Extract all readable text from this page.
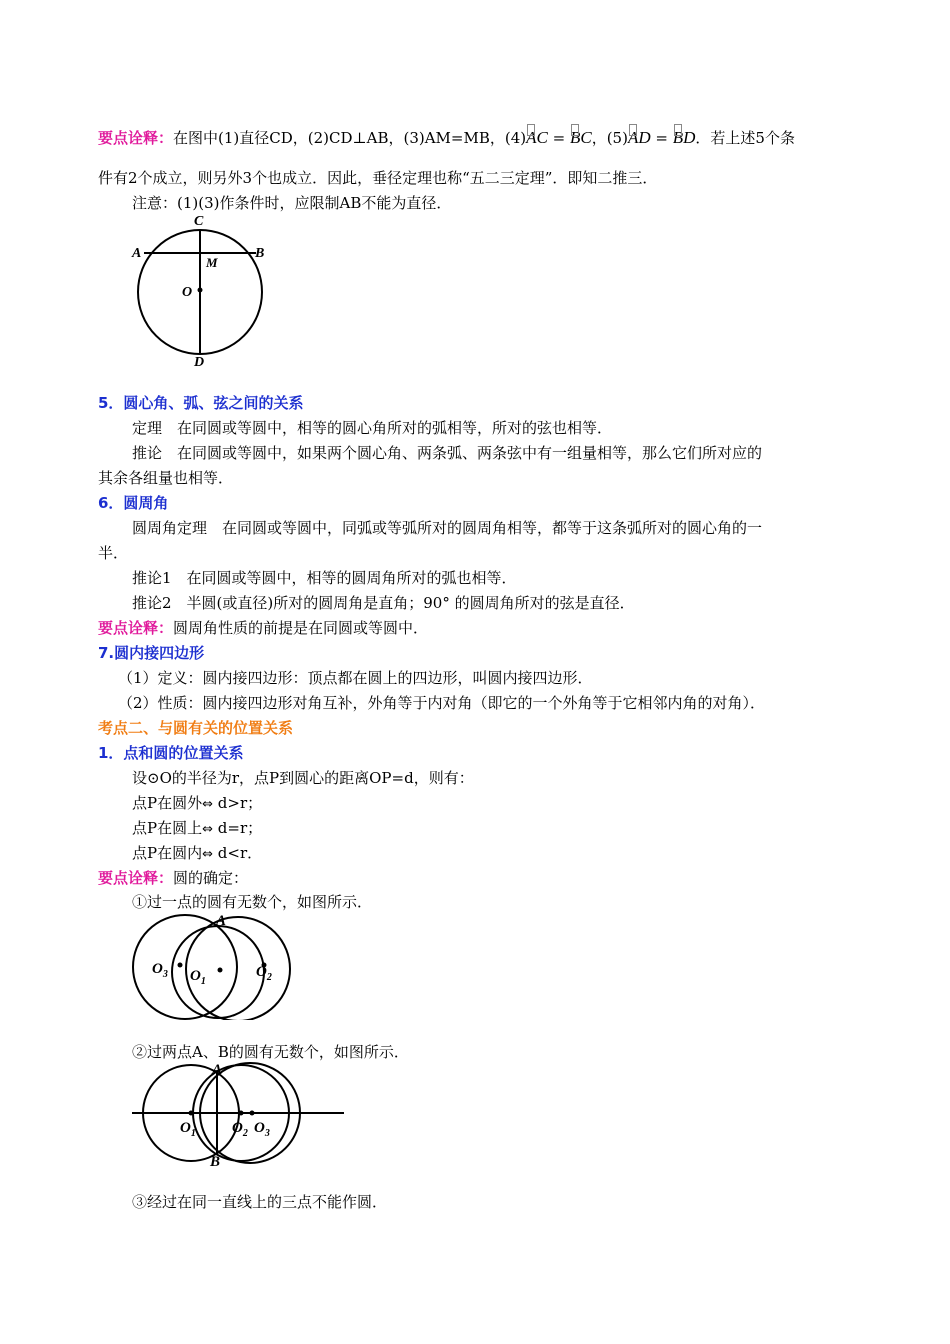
要点诠释：在图中(1)直径CD，(2)CD⊥AB，(3)AM=MB，(4)AC = BC，(5)AD = BD．若上述5个条
件有2个成立，则另外3个也成立．因此，垂径定理也称“五二三定理”．即知二推三．
注意：(1)(3)作条件时，应限制AB不能为直径．
C
A	B
M
O
D
5．圆心角、弧、弦之间的关系
定理　在同圆或等圆中，相等的圆心角所对的弧相等，所对的弦也相等．
推论　在同圆或等圆中，如果两个圆心角、两条弧、两条弦中有一组量相等，那么它们所对应的
其余各组量也相等．
6．圆周角
圆周角定理　在同圆或等圆中，同弧或等弧所对的圆周角相等，都等于这条弧所对的圆心角的一
半．
推论1　在同圆或等圆中，相等的圆周角所对的弧也相等．
推论2　半圆(或直径)所对的圆周角是直角；90° 的圆周角所对的弦是直径．
要点诠释：圆周角性质的前提是在同圆或等圆中．
7.圆内接四边形
（1）定义：圆内接四边形：顶点都在圆上的四边形，叫圆内接四边形．
（2）性质：圆内接四边形对角互补，外角等于内对角（即它的一个外角等于它相邻内角的对角）．
考点二、与圆有关的位置关系
1．点和圆的位置关系
设⊙O的半径为r，点P到圆心的距离OP=d，则有：
点P在圆外⇔ d>r；
点P在圆上⇔ d=r；
点P在圆内⇔ d<r．
要点诠释：圆的确定：
①过一点的圆有无数个，如图所示．
A
$O_3$ $O_1$
$O_2$
②过两点A、B的圆有无数个，如图所示．
A
B
$O_1$ $O_2$ $O_3$
③经过在同一直线上的三点不能作圆．
